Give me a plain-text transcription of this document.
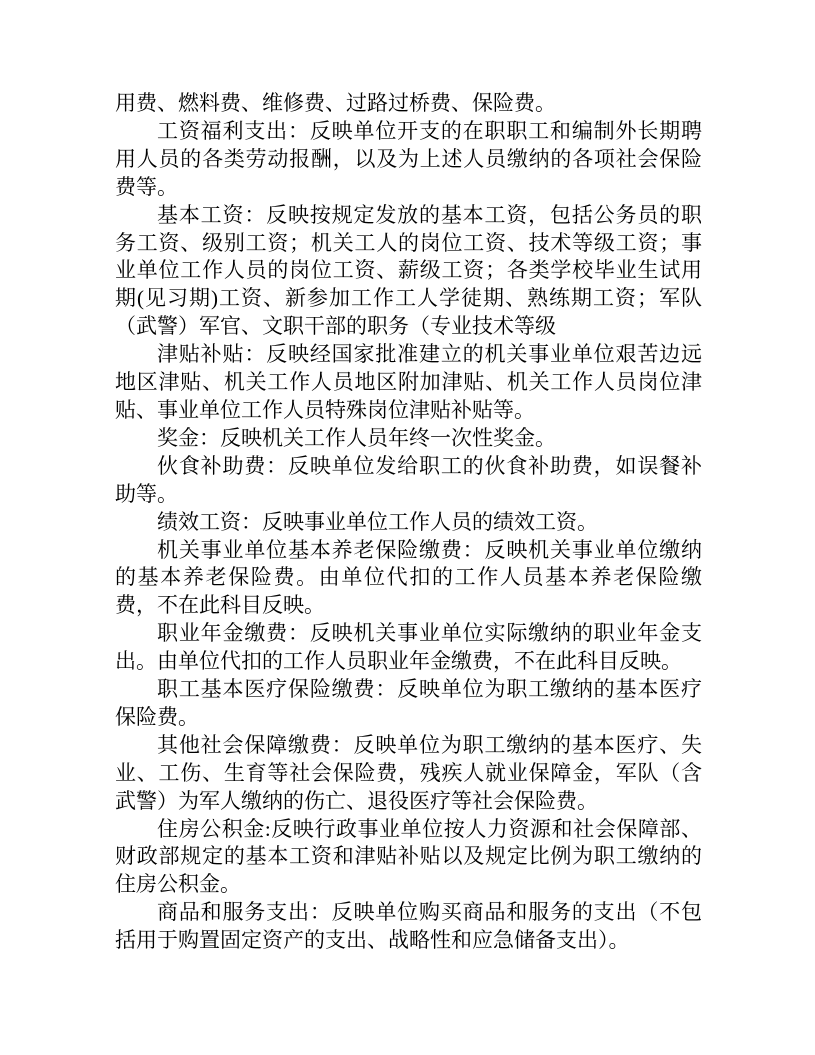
用费、燃料费、维修费、过路过桥费、保险费。

工资福利支出：反映单位开支的在职职工和编制外长期聘用人员的各类劳动报酬，以及为上述人员缴纳的各项社会保险费等。

基本工资：反映按规定发放的基本工资，包括公务员的职务工资、级别工资；机关工人的岗位工资、技术等级工资；事业单位工作人员的岗位工资、薪级工资；各类学校毕业生试用期(见习期)工资、新参加工作工人学徒期、熟练期工资；军队（武警）军官、文职干部的职务（专业技术等级

津贴补贴：反映经国家批准建立的机关事业单位艰苦边远地区津贴、机关工作人员地区附加津贴、机关工作人员岗位津贴、事业单位工作人员特殊岗位津贴补贴等。

奖金：反映机关工作人员年终一次性奖金。

伙食补助费：反映单位发给职工的伙食补助费，如误餐补助等。

绩效工资：反映事业单位工作人员的绩效工资。

机关事业单位基本养老保险缴费：反映机关事业单位缴纳的基本养老保险费。由单位代扣的工作人员基本养老保险缴费，不在此科目反映。

职业年金缴费：反映机关事业单位实际缴纳的职业年金支出。由单位代扣的工作人员职业年金缴费，不在此科目反映。

职工基本医疗保险缴费：反映单位为职工缴纳的基本医疗保险费。

其他社会保障缴费：反映单位为职工缴纳的基本医疗、失业、工伤、生育等社会保险费，残疾人就业保障金，军队（含武警）为军人缴纳的伤亡、退役医疗等社会保险费。

住房公积金:反映行政事业单位按人力资源和社会保障部、财政部规定的基本工资和津贴补贴以及规定比例为职工缴纳的住房公积金。

商品和服务支出：反映单位购买商品和服务的支出（不包括用于购置固定资产的支出、战略性和应急储备支出）。
